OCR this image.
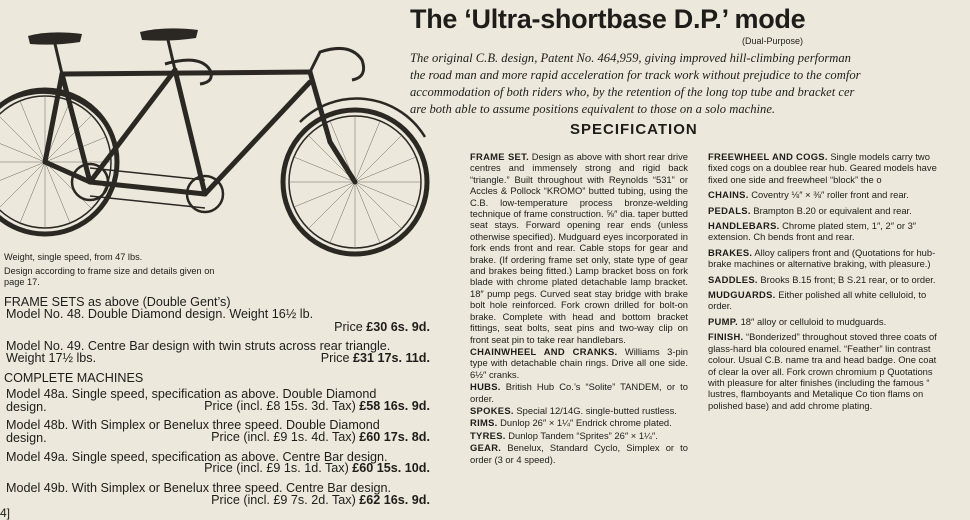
The ‘Ultra-shortbase D.P.’ mode
(Dual-Purpose)

The original C.B. design, Patent No. 464,959, giving improved hill-climbing performan
the road man and more rapid acceleration for track work without prejudice to the comfor
accommodation of both riders who, by the retention of the long top tube and bracket cer
are both able to assume positions equivalent to those on a solo machine.

Weight, single speed, from 47 lbs.
Design according to frame size and details given on
page 17.
FRAME SETS as above (Double Gent’s)
Model No. 48. Double Diamond design. Weight 16½ lb.
Price £30 6s. 9d.
Model No. 49. Centre Bar design with twin struts across rear triangle.
Weight 17½ lbs.	Price £31 17s. 11d.
COMPLETE MACHINES
Model 48a. Single speed, specification as above. Double Diamond
design.	Price (incl. £8 15s. 3d. Tax) £58 16s. 9d.
Model 48b. With Simplex or Benelux three speed. Double Diamond
design.	Price (incl. £9 1s. 4d. Tax) £60 17s. 8d.
Model 49a. Single speed, specification as above. Centre Bar design.
Price (incl. £9 1s. 1d. Tax) £60 15s. 10d.
Model 49b. With Simplex or Benelux three speed. Centre Bar design.
Price (incl. £9 7s. 2d. Tax) £62 16s. 9d.
4]
SPECIFICATION
FRAME SET. Design as above with short rear drive centres and immensely strong and rigid back “triangle.” Built throughout with Reynolds “531” or Accles & Pollock “KROMO” butted tubing, using the C.B. low-temperature process bronze-welding technique of frame construction. ⅝″ dia. taper butted seat stays. Forward opening rear ends (unless otherwise specified). Mudguard eyes incorporated in fork ends front and rear. Cable stops for gear and brake. (If ordering frame set only, state type of gear and brakes being fitted.) Lamp bracket boss on fork blade with chrome plated detachable lamp bracket. 18″ pump pegs. Curved seat stay bridge with brake bolt hole reinforced. Fork crown drilled for bolt-on brake. Complete with head and bottom bracket fittings, seat bolts, seat pins and two-way clip on front seat pin to take rear handlebars.
CHAINWHEEL AND CRANKS. Williams 3-pin type with detachable chain rings. Drive all one side. 6½″ cranks.
HUBS. British Hub Co.’s “Solite” TANDEM, or to order.
SPOKES. Special 12/14G. single-butted rustless.
RIMS. Dunlop 26″ × 1¼″ Endrick chrome plated.
TYRES. Dunlop Tandem “Sprites” 26″ × 1¼″.
GEAR. Benelux, Standard Cyclo, Simplex or to order (3 or 4 speed).
FREEWHEEL AND COGS. Single models carry two fixed cogs on a doublee rear hub. Geared models have fixed one side and freewheel “block” the o
CHAINS. Coventry ⅛″ × ⅜″ roller front and rear.
PEDALS. Brampton B.20 or equivalent and rear.
HANDLEBARS. Chrome plated stem, 1″, 2″ or 3″ extension. Ch bends front and rear.
BRAKES. Alloy calipers front and (Quotations for hub-brake machines or alternative braking, with pleasure.)
SADDLES. Brooks B.15 front; B S.21 rear, or to order.
MUDGUARDS. Either polished all white celluloid, to order.
PUMP. 18″ alloy or celluloid to mudguards.
FINISH. “Bonderized” throughout stoved three coats of glass-hard bla coloured enamel. “Feather” lin contrast colour. Usual C.B. name tra and head badge. One coat of clear la over all. Fork crown chromium p Quotations with pleasure for alter finishes (including the famous “ lustres, flamboyants and Metalique Co tion flams on polished base) and add chrome plating.
